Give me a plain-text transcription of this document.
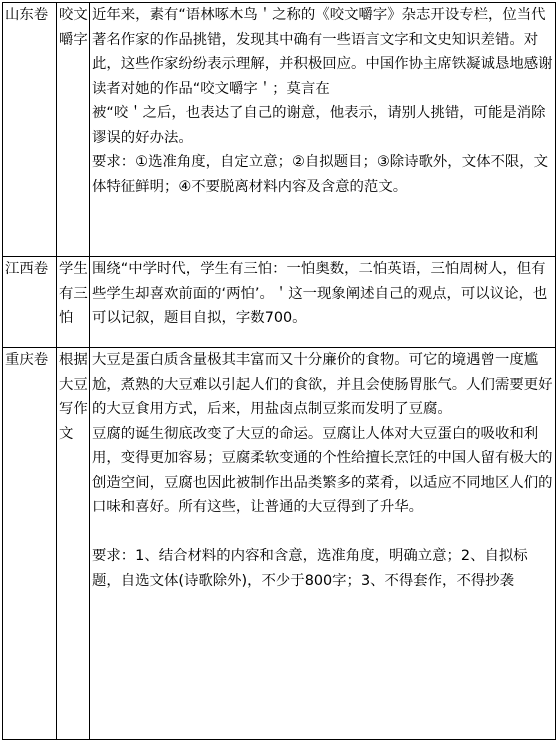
山东卷	咬文嚼字	近年来，素有“语林啄木鸟＇之称的《咬文嚼字》杂志开设专栏，位当代著名作家的作品挑错，发现其中确有一些语言文字和文史知识差错。对此，这些作家纷纷表示理解，并积极回应。中国作协主席铁凝诚恳地感谢读者对她的作品“咬文嚼字＇；莫言在
被“咬＇之后，也表达了自己的谢意，他表示，请别人挑错，可能是消除谬误的好办法。
要求：①选准角度，自定立意；②自拟题目；③除诗歌外，文体不限，文体特征鲜明；④不要脱离材料内容及含意的范文。

江西卷	学生有三怕	围绕“中学时代，学生有三怕：一怕奥数，二怕英语，三怕周树人，但有些学生却喜欢前面的‘两怕’。＇这一现象阐述自己的观点，可以议论，也可以记叙，题目自拟，字数700。

重庆卷	根据大豆写作文	大豆是蛋白质含量极其丰富而又十分廉价的食物。可它的境遇曾一度尴尬，煮熟的大豆难以引起人们的食欲，并且会使肠胃胀气。人们需要更好的大豆食用方式，后来，用盐卤点制豆浆而发明了豆腐。
豆腐的诞生彻底改变了大豆的命运。豆腐让人体对大豆蛋白的吸收和利用，变得更加容易；豆腐柔软变通的个性给擅长烹饪的中国人留有极大的创造空间，豆腐也因此被制作出品类繁多的菜肴，以适应不同地区人们的口味和喜好。所有这些，让普通的大豆得到了升华。
要求：1、结合材料的内容和含意，选准角度，明确立意；2、自拟标题，自选文体(诗歌除外)，不少于800字；3、不得套作，不得抄袭
